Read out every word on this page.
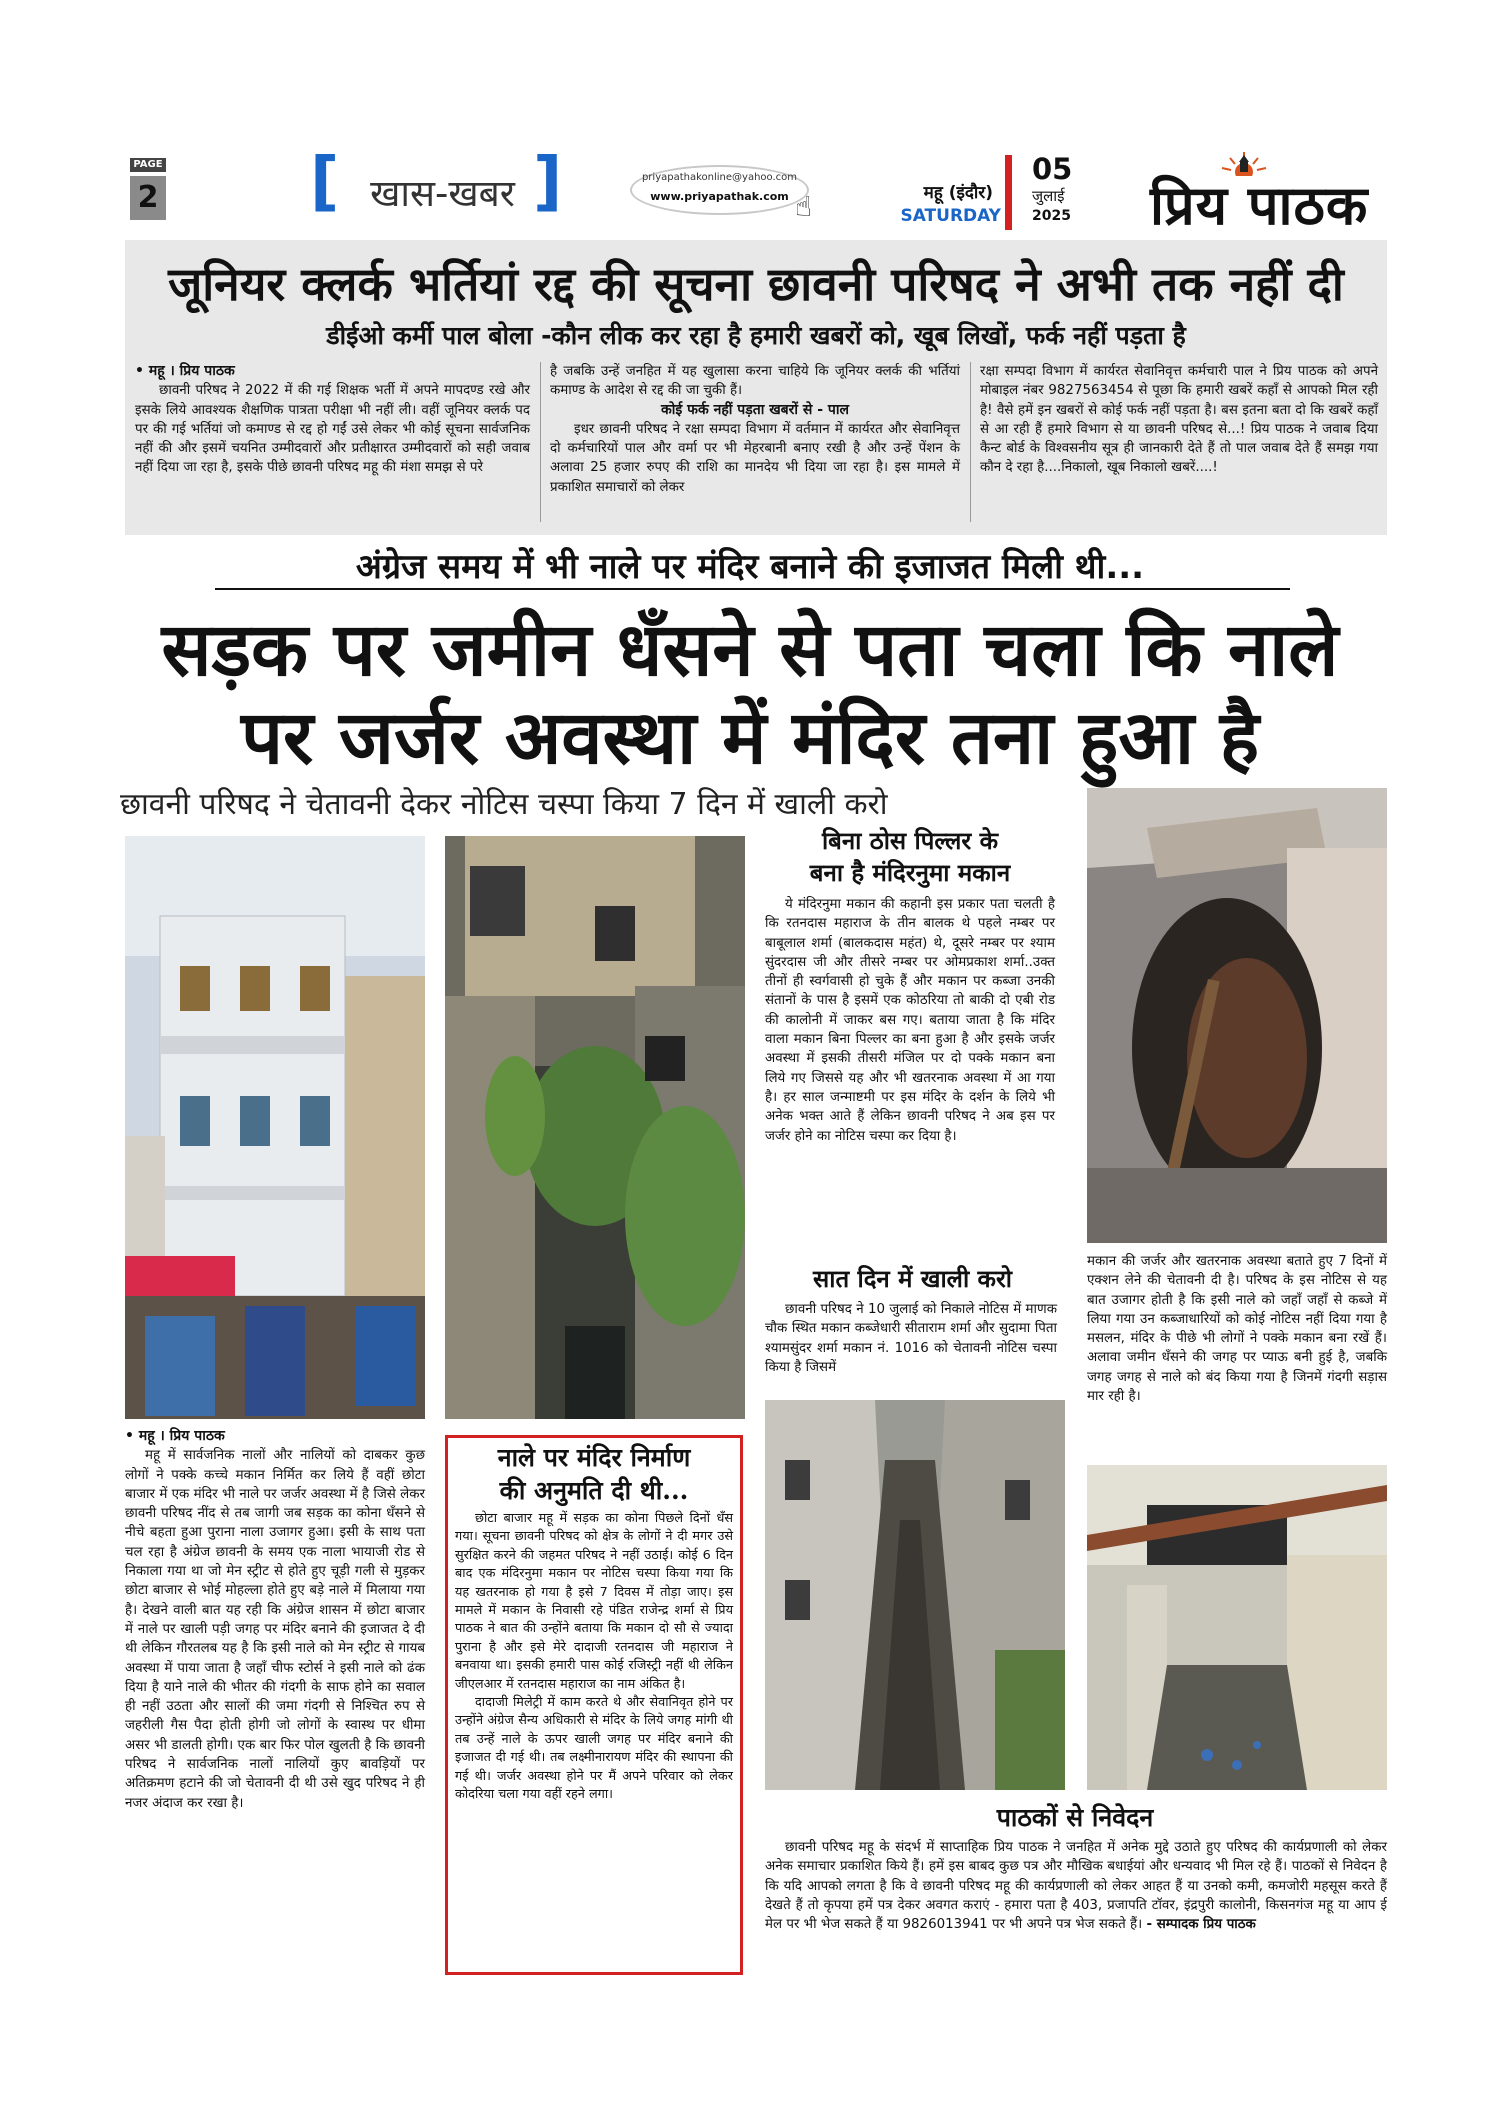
PAGE
2 [ खास-खबर ]	priyapathakonline@yahoo.com
www.priyapathak.com ☝	महू (इंदौर)
SATURDAY
05
जुलाई
2025 प्रिय पाठक
जूनियर क्लर्क भर्तियां रद्द की सूचना छावनी परिषद ने अभी तक नहीं दी
डीईओ कर्मी पाल बोला -कौन लीक कर रहा है हमारी खबरों को, खूब लिखों, फर्क नहीं पड़ता है
• महू । प्रिय पाठक

छावनी परिषद ने 2022 में की गई शिक्षक भर्ती में अपने मापदण्ड रखे और इसके लिये आवश्यक शैक्षणिक पात्रता परीक्षा भी नहीं ली। वहीं जूनियर क्लर्क पद पर की गई भर्तियां जो कमाण्ड से रद्द हो गईं उसे लेकर भी कोई सूचना सार्वजनिक नहीं की और इसमें चयनित उम्मीदवारों और प्रतीक्षारत उम्मीदवारों को सही जवाब नहीं दिया जा रहा है, इसके पीछे छावनी परिषद महू की मंशा समझ से परे

है जबकि उन्हें जनहित में यह खुलासा करना चाहिये कि जूनियर क्लर्क की भर्तियां कमाण्ड के आदेश से रद्द की जा चुकी हैं।

कोई फर्क नहीं पड़ता खबरों से - पाल

इधर छावनी परिषद ने रक्षा सम्पदा विभाग में वर्तमान में कार्यरत और सेवानिवृत्त दो कर्मचारियों पाल और वर्मा पर भी मेहरबानी बनाए रखी है और उन्हें पेंशन के अलावा 25 हजार रुपए की राशि का मानदेय भी दिया जा रहा है। इस मामले में प्रकाशित समाचारों को लेकर

रक्षा सम्पदा विभाग में कार्यरत सेवानिवृत्त कर्मचारी पाल ने प्रिय पाठक को अपने मोबाइल नंबर 9827563454 से पूछा कि हमारी खबरें कहाँ से आपको मिल रही है! वैसे हमें इन खबरों से कोई फर्क नहीं पड़ता है। बस इतना बता दो कि खबरें कहाँ से आ रही हैं हमारे विभाग से या छावनी परिषद से...! प्रिय पाठक ने जवाब दिया कैन्ट बोर्ड के विश्वसनीय सूत्र ही जानकारी देते हैं तो पाल जवाब देते हैं समझ गया कौन दे रहा है....निकालो, खूब निकालो खबरें....!

अंग्रेज समय में भी नाले पर मंदिर बनाने की इजाजत मिली थी...
सड़क पर जमीन धँसने से पता चला कि नाले
पर जर्जर अवस्था में मंदिर तना हुआ है
छावनी परिषद ने चेतावनी देकर नोटिस चस्पा किया 7 दिन में खाली करो
बिना ठोस पिल्लर के
बना है मंदिरनुमा मकान
ये मंदिरनुमा मकान की कहानी इस प्रकार पता चलती है कि रतनदास महाराज के तीन बालक थे पहले नम्बर पर बाबूलाल शर्मा (बालकदास महंत) थे, दूसरे नम्बर पर श्याम सुंदरदास जी और तीसरे नम्बर पर ओमप्रकाश शर्मा..उक्त तीनों ही स्वर्गवासी हो चुके हैं और मकान पर कब्जा उनकी संतानों के पास है इसमें एक कोठरिया तो बाकी दो एबी रोड की कालोनी में जाकर बस गए। बताया जाता है कि मंदिर वाला मकान बिना पिल्लर का बना हुआ है और इसके जर्जर अवस्था में इसकी तीसरी मंजिल पर दो पक्के मकान बना लिये गए जिससे यह और भी खतरनाक अवस्था में आ गया है। हर साल जन्माष्टमी पर इस मंदिर के दर्शन के लिये भी अनेक भक्त आते हैं लेकिन छावनी परिषद ने अब इस पर जर्जर होने का नोटिस चस्पा कर दिया है।
मकान की जर्जर और खतरनाक अवस्था बताते हुए 7 दिनों में एक्शन लेने की चेतावनी दी है। परिषद के इस नोटिस से यह बात उजागर होती है कि इसी नाले को जहाँ जहाँ से कब्जे में लिया गया उन कब्जाधारियों को कोई नोटिस नहीं दिया गया है मसलन, मंदिर के पीछे भी लोगों ने पक्के मकान बना रखें हैं। अलावा जमीन धँसने की जगह पर प्याऊ बनी हुई है, जबकि जगह जगह से नाले को बंद किया गया है जिनमें गंदगी सड़ास मार रही है।
• महू । प्रिय पाठक
महू में सार्वजनिक नालों और नालियों को दाबकर कुछ लोगों ने पक्के कच्चे मकान निर्मित कर लिये हैं वहीं छोटा बाजार में एक मंदिर भी नाले पर जर्जर अवस्था में है जिसे लेकर छावनी परिषद नींद से तब जागी जब सड़क का कोना धँसने से नीचे बहता हुआ पुराना नाला उजागर हुआ। इसी के साथ पता चल रहा है अंग्रेज छावनी के समय एक नाला भायाजी रोड से निकाला गया था जो मेन स्ट्रीट से होते हुए चूड़ी गली से मुड़कर छोटा बाजार से भोई मोहल्ला होते हुए बड़े नाले में मिलाया गया है। देखने वाली बात यह रही कि अंग्रेज शासन में छोटा बाजार में नाले पर खाली पड़ी जगह पर मंदिर बनाने की इजाजत दे दी थी लेकिन गौरतलब यह है कि इसी नाले को मेन स्ट्रीट से गायब अवस्था में पाया जाता है जहाँ चीफ स्टोर्स ने इसी नाले को ढंक दिया है याने नाले की भीतर की गंदगी के साफ होने का सवाल ही नहीं उठता और सालों की जमा गंदगी से निश्चित रुप से जहरीली गैस पैदा होती होगी जो लोगों के स्वास्थ पर धीमा असर भी डालती होगी। एक बार फिर पोल खुलती है कि छावनी परिषद ने सार्वजनिक नालों नालियों कुए बावड़ियों पर अतिक्रमण हटाने की जो चेतावनी दी थी उसे खुद परिषद ने ही नजर अंदाज कर रखा है।
नाले पर मंदिर निर्माण
की अनुमति दी थी...
छोटा बाजार महू में सड़क का कोना पिछले दिनों धँस गया। सूचना छावनी परिषद को क्षेत्र के लोगों ने दी मगर उसे सुरक्षित करने की जहमत परिषद ने नहीं उठाई। कोई 6 दिन बाद एक मंदिरनुमा मकान पर नोटिस चस्पा किया गया कि यह खतरनाक हो गया है इसे 7 दिवस में तोड़ा जाए। इस मामले में मकान के निवासी रहे पंडित राजेन्द्र शर्मा से प्रिय पाठक ने बात की उन्होंने बताया कि मकान दो सौ से ज्यादा पुराना है और इसे मेरे दादाजी रतनदास जी महाराज ने बनवाया था। इसकी हमारी पास कोई रजिस्ट्री नहीं थी लेकिन जीएलआर में रतनदास महाराज का नाम अंकित है।
दादाजी मिलेट्री में काम करते थे और सेवानिवृत होने पर उन्होंने अंग्रेज सैन्य अधिकारी से मंदिर के लिये जगह मांगी थी तब उन्हें नाले के ऊपर खाली जगह पर मंदिर बनाने की इजाजत दी गई थी। तब लक्ष्मीनारायण मंदिर की स्थापना की गई थी। जर्जर अवस्था होने पर मैं अपने परिवार को लेकर कोदरिया चला गया वहीं रहने लगा।
सात दिन में खाली करो
छावनी परिषद ने 10 जुलाई को निकाले नोटिस में माणक चौक स्थित मकान कब्जेधारी सीताराम शर्मा और सुदामा पिता श्यामसुंदर शर्मा मकान नं. 1016 को चेतावनी नोटिस चस्पा किया है जिसमें
पाठकों से निवेदन
छावनी परिषद महू के संदर्भ में साप्ताहिक प्रिय पाठक ने जनहित में अनेक मुद्दे उठाते हुए परिषद की कार्यप्रणाली को लेकर अनेक समाचार प्रकाशित किये हैं। हमें इस बाबद कुछ पत्र और मौखिक बधाईयां और धन्यवाद भी मिल रहे हैं। पाठकों से निवेदन है कि यदि आपको लगता है कि वे छावनी परिषद महू की कार्यप्रणाली को लेकर आहत हैं या उनको कमी, कमजोरी महसूस करते हैं देखते हैं तो कृपया हमें पत्र देकर अवगत कराएं - हमारा पता है 403, प्रजापति टॉवर, इंद्रपुरी कालोनी, किसनगंज महू या आप ई मेल पर भी भेज सकते हैं या 9826013941 पर भी अपने पत्र भेज सकते हैं। - सम्पादक प्रिय पाठक
